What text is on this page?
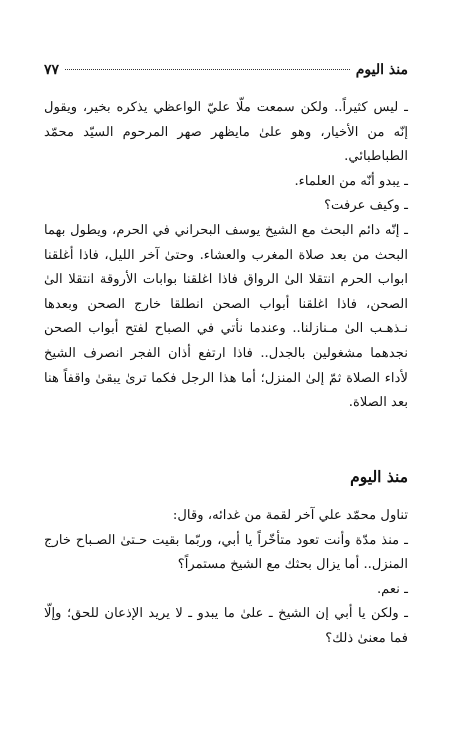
منذ اليوم
٧٧

ـ ليس كثيراً.. ولكن سمعت ملّا عليّ الواعظي يذكره بخير، ويقول إنّه من الأخيار، وهو علىٰ مايظهر صهر المرحوم السيّد محمّد الطباطبائي.

ـ يبدو أنّه من العلماء.

ـ وكيف عرفت؟

ـ إنّه دائم البحث مع الشيخ يوسف البحراني في الحرم، ويطول بهما البحث من بعد صلاة المغرب والعشاء. وحتىٰ آخر الليل، فاذا أغلقنا ابواب الحرم انتقلا الىٰ الرواق فاذا اغلقنا بوابات الأروقة انتقلا الىٰ الصحن، فاذا اغلقنا أبواب الصحن انطلقا خارج الصحن وبعدها نـذهـب الىٰ مـنازلنا.. وعندما نأتي في الصباح لفتح أبواب الصحن نجدهما مشغولين بالجدل.. فاذا ارتفع أذان الفجر انصرف الشيخ لأداء الصلاة ثمّ إلىٰ المنزل؛ أما هذا الرجل فكما ترىٰ يبقىٰ واقفاً هنا بعد الصلاة.

منذ اليوم

تناول محمّد علي آخر لقمة من غدائه، وقال:

ـ منذ مدّة وأنت تعود متأخّراً يا أبي، وربّما بقيت حـتىٰ الصـباح خارج المنزل.. أما يزال بحثك مع الشيخ مستمراً؟

ـ نعم.

ـ ولكن يا أبي إن الشيخ ـ علىٰ ما يبدو ـ لا يريد الإذعان للحق؛ وإلّا فما معنىٰ ذلك؟
